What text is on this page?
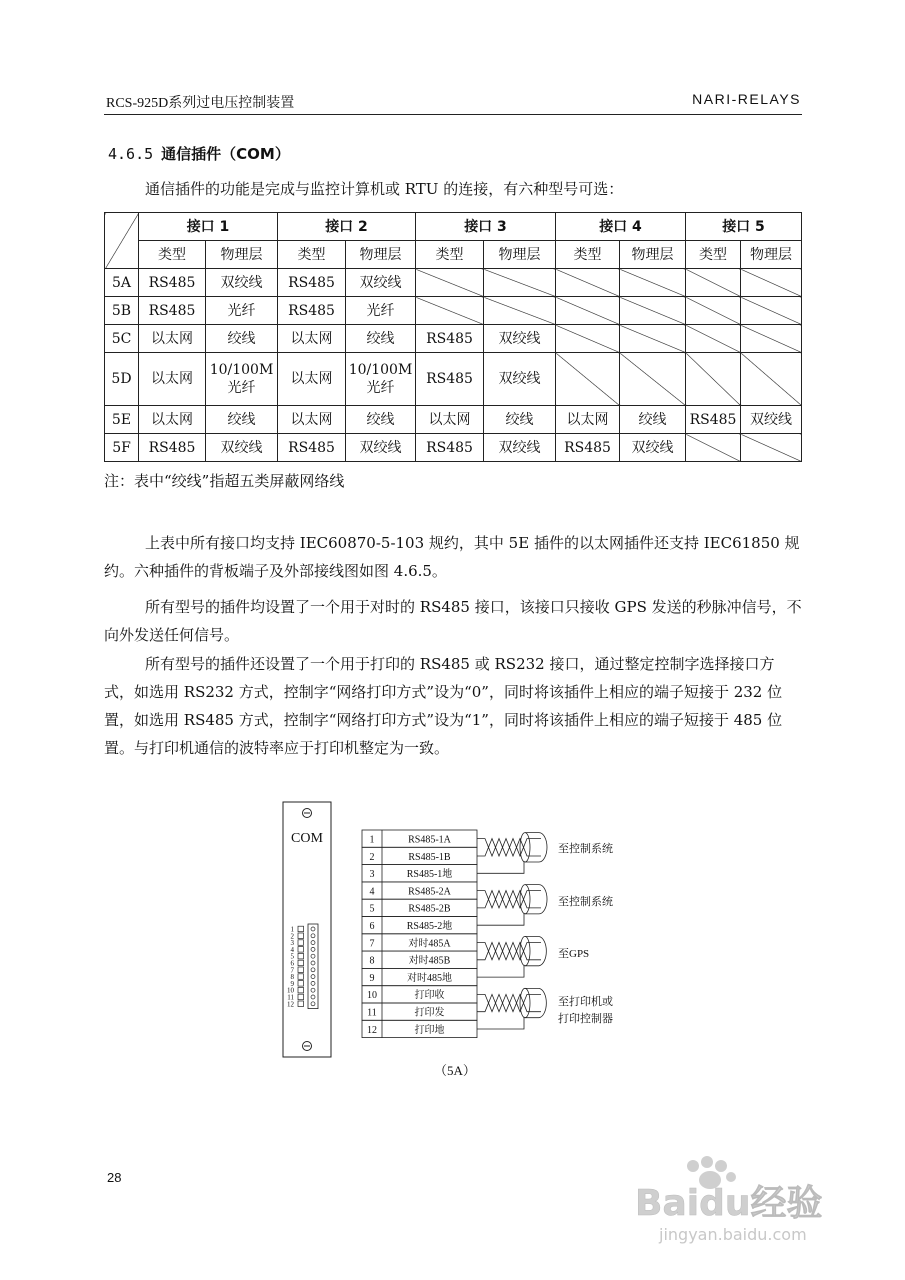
RCS-925D系列过电压控制装置	NARI-RELAYS
4.6.5 通信插件（COM）

通信插件的功能是完成与监控计算机或 RTU 的连接，有六种型号可选：

	接口 1		接口 2		接口 3		接口 4		接口 5	
	类型	物理层	类型	物理层	类型	物理层	类型	物理层	类型	物理层
5A	RS485	双绞线	RS485	双绞线						
5B	RS485	光纤	RS485	光纤						
5C	以太网	绞线	以太网	绞线	RS485	双绞线				
5D	以太网	10/100M 光纤	以太网	10/100M 光纤	RS485	双绞线				
5E	以太网	绞线	以太网	绞线	以太网	绞线	以太网	绞线	RS485	双绞线
5F	RS485	双绞线	RS485	双绞线	RS485	双绞线	RS485	双绞线		
注：表中“绞线”指超五类屏蔽网络线

上表中所有接口均支持 IEC60870-5-103 规约，其中 5E 插件的以太网插件还支持 IEC61850 规约。六种插件的背板端子及外部接线图如图 4.6.5。

所有型号的插件均设置了一个用于对时的 RS485 接口，该接口只接收 GPS 发送的秒脉冲信号，不向外发送任何信号。

所有型号的插件还设置了一个用于打印的 RS485 或 RS232 接口，通过整定控制字选择接口方式，如选用 RS232 方式，控制字“网络打印方式”设为“0”，同时将该插件上相应的端子短接于 232 位置，如选用 RS485 方式，控制字“网络打印方式”设为“1”，同时将该插件上相应的端子短接于 485 位置。与打印机通信的波特率应于打印机整定为一致。

COM
1
2
3
4
5
6
7
8
9
10
11
12
1	RS485-1A
2	RS485-1B
3	RS485-1地
4	RS485-2A
5	RS485-2B
6	RS485-2地
7	对时485A
8	对时485B
9	对时485地
10	打印收
11	打印发
12	打印地
至控制系统
至控制系统
至GPS
至打印机或
打印控制器
（5A）
28
Baidu经验
jingyan.baidu.com
